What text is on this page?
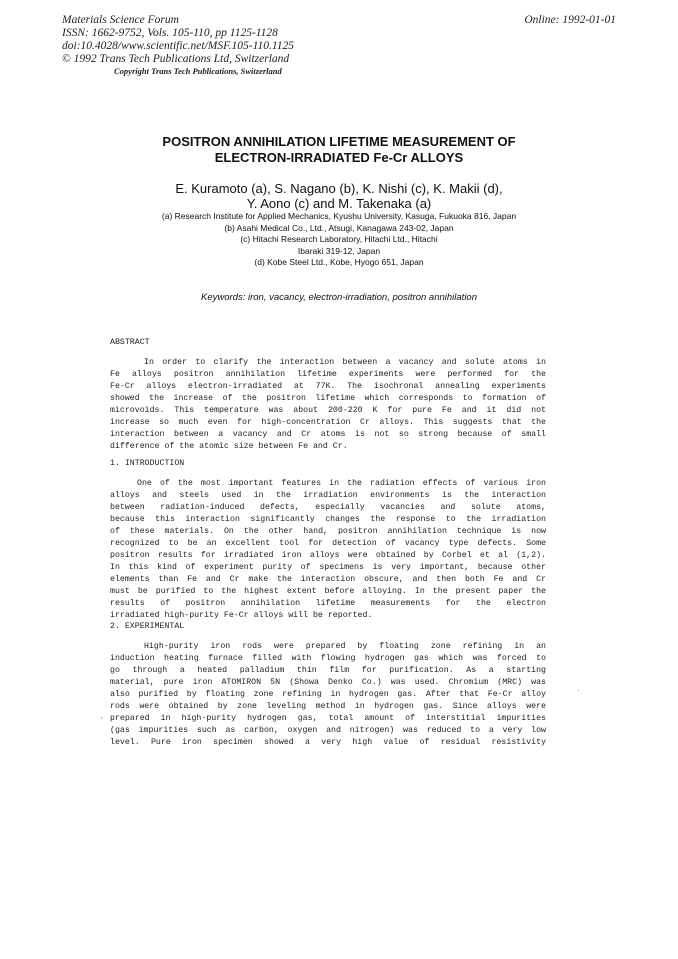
Materials Science Forum
ISSN: 1662-9752, Vols. 105-110, pp 1125-1128
doi:10.4028/www.scientific.net/MSF.105-110.1125
© 1992 Trans Tech Publications Ltd, Switzerland
Online: 1992-01-01
Copyright Trans Tech Publications, Switzerland
POSITRON ANNIHILATION LIFETIME MEASUREMENT OF
ELECTRON-IRRADIATED Fe-Cr ALLOYS
E. Kuramoto (a), S. Nagano (b), K. Nishi (c), K. Makii (d),
Y. Aono (c) and M. Takenaka (a)
(a) Research Institute for Applied Mechanics, Kyushu University, Kasuga, Fukuoka 816, Japan
(b) Asahi Medical Co., Ltd., Atsugi, Kanagawa 243-02, Japan
(c) Hitachi Research Laboratory, Hitachi Ltd., Hitachi
Ibaraki 319-12, Japan
(d) Kobe Steel Ltd., Kobe, Hyogo 651, Japan
Keywords: iron, vacancy, electron-irradiation, positron annihilation
ABSTRACT
In order to clarify the interaction between a vacancy and solute atoms in
Fe alloys positron annihilation lifetime experiments were performed for the
Fe-Cr alloys electron-irradiated at 77K. The isochronal annealing experiments
showed the increase of the positron lifetime which corresponds to formation of
microvoids. This temperature was about 200-220 K for pure Fe and it did not
increase so much even for high-concentration Cr alloys. This suggests that the
interaction between a vacancy and Cr atoms is not so strong because of small
difference of the atomic size between Fe and Cr.
1. INTRODUCTION
One of the most important features in the radiation effects of various iron
alloys and steels used in the irradiation environments is the interaction
between radiation-induced defects, especially vacancies and solute atoms,
because this interaction significantly changes the response to the irradiation
of these materials. On the other hand, positron annihilation technique is now
recognized to be an excellent tool for detection of vacancy type defects. Some
positron results for irradiated iron alloys were obtained by Corbel et al (1,2).
In this kind of experiment purity of specimens is very important, because other
elements than Fe and Cr make the interaction obscure, and then both Fe and Cr
must be purified to the highest extent before alloying. In the present paper the
results of positron annihilation lifetime measurements for the electron
irradiated high-purity Fe-Cr alloys will be reported.
2. EXPERIMENTAL
High-purity iron rods were prepared by floating zone refining in an
induction heating furnace filled with flowing hydrogen gas which was forced to
go through a heated palladium thin film for purification. As a starting
material, pure iron ATOMIRON 5N (Showa Denko Co.) was used. Chromium (MRC) was
also purified by floating zone refining in hydrogen gas. After that Fe-Cr alloy
rods were obtained by zone leveling method in hydrogen gas. Since alloys were
prepared in high-purity hydrogen gas, total amount of interstitial impurities
(gas impurities such as carbon, oxygen and nitrogen) was reduced to a very low
level. Pure iron specimen showed a very high value of residual resistivity
·
